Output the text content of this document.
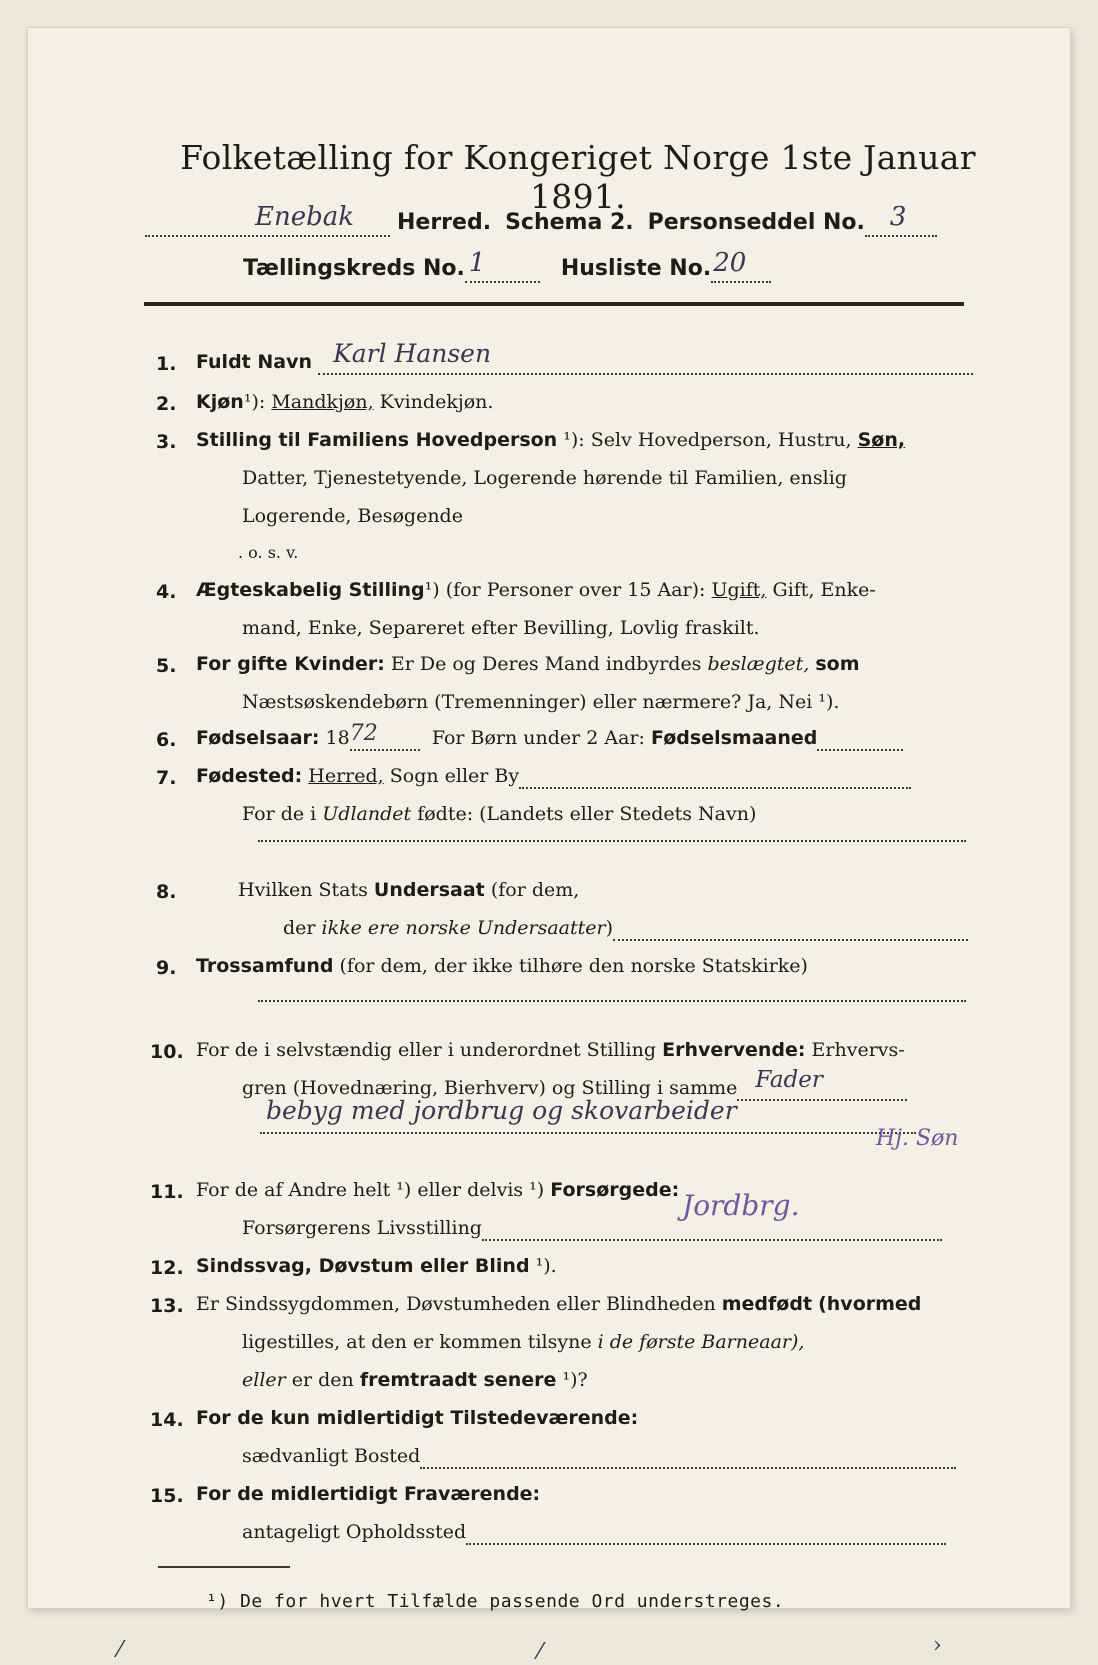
Folketælling for Kongeriget Norge 1ste Januar 1891.
Enebak Herred. Schema 2. Personseddel No. 3

Tællingskreds No. 1	Husliste No. 20

1. Fuldt Navn Karl Hansen

2. Kjøn¹): Mandkjøn, Kvindekjøn.
3. Stilling til Familiens Hovedperson ¹): Selv Hovedperson, Hustru, Søn,
Datter, Tjenestetyende, Logerende hørende til Familien, enslig
Logerende, Besøgende
. o. s. v.
4. Ægteskabelig Stilling¹) (for Personer over 15 Aar): Ugift, Gift, Enke-
mand, Enke, Separeret efter Bevilling, Lovlig fraskilt.
5. For gifte Kvinder: Er De og Deres Mand indbyrdes beslægtet, som
Næstsøskendebørn (Tremenninger) eller nærmere? Ja, Nei ¹).
6. Fødselsaar: 18 72	For Børn under 2 Aar: Fødselsmaaned
7. Fødested: Herred, Sogn eller By
For de i Udlandet fødte: (Landets eller Stedets Navn)
8.	Hvilken Stats Undersaat (for dem,
der ikke ere norske Undersaatter)
9. Trossamfund (for dem, der ikke tilhøre den norske Statskirke)
10. For de i selvstændig eller i underordnet Stilling Erhvervende: Erhvervs-
gren (Hovednæring, Bierhverv) og Stilling i samme Fader

bebyg med jordbrug og skovarbeider
Hj. Søn
11. For de af Andre helt ¹) eller delvis ¹) Forsørgede:
Forsørgerens Livsstilling
Jordbrg.

12. Sindssvag, Døvstum eller Blind ¹).
13. Er Sindssygdommen, Døvstumheden eller Blindheden medfødt (hvormed
ligestilles, at den er kommen tilsyne i de første Barneaar),
eller er den fremtraadt senere ¹)?
14. For de kun midlertidigt Tilstedeværende:
sædvanligt Bosted
15. For de midlertidigt Fraværende:
antageligt Opholdssted
¹) De for hvert Tilfælde passende Ord understreges.
⁄	⁄	›
